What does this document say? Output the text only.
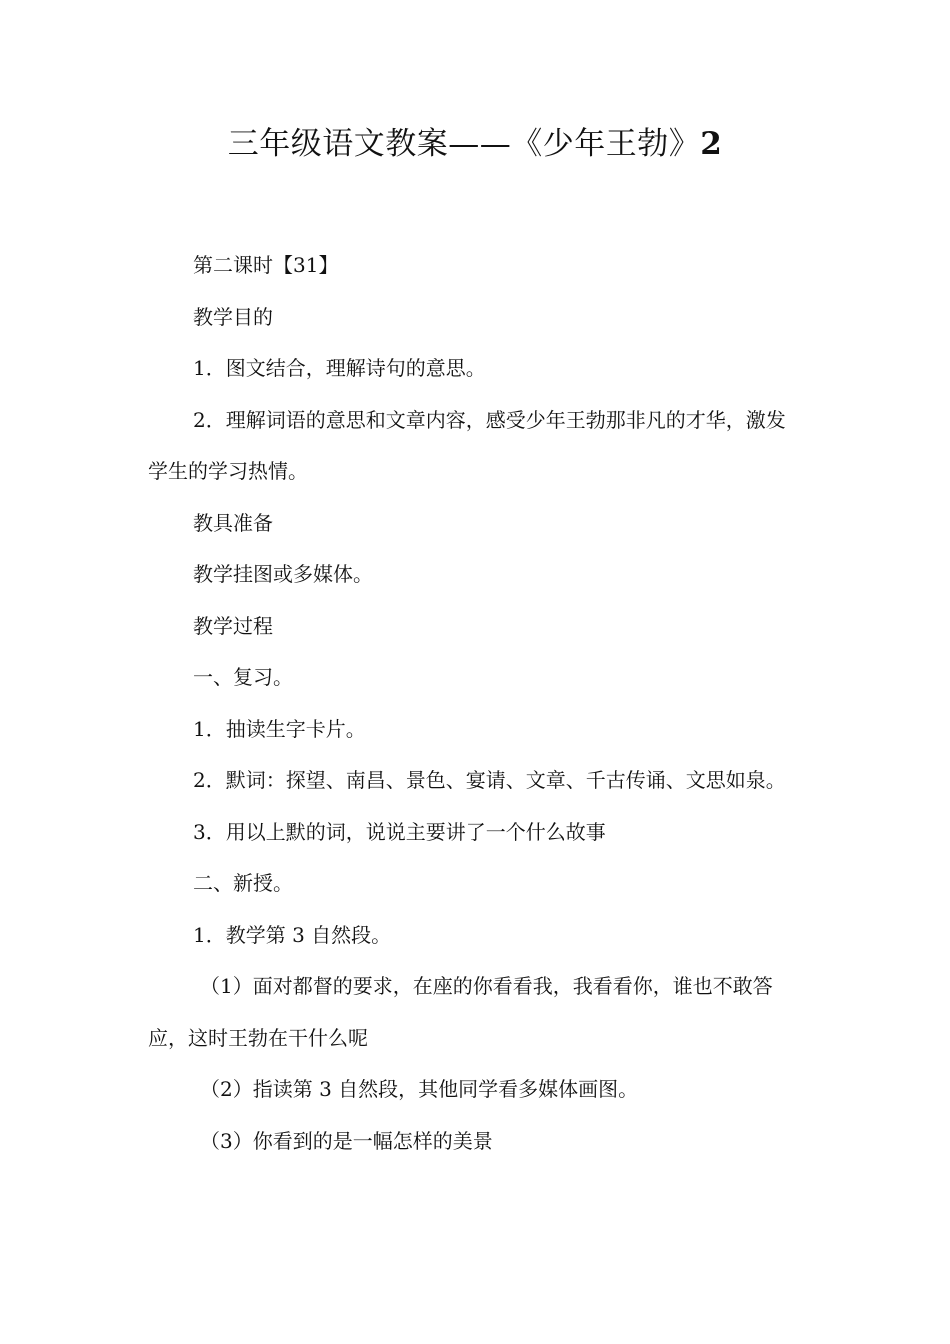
三年级语文教案——《少年王勃》2

第二课时【31】

教学目的

1．图文结合，理解诗句的意思。

2．理解词语的意思和文章内容，感受少年王勃那非凡的才华，激发学生的学习热情。

教具准备

教学挂图或多媒体。

教学过程

一、复习。

1．抽读生字卡片。

2．默词：探望、南昌、景色、宴请、文章、千古传诵、文思如泉。

3．用以上默的词，说说主要讲了一个什么故事

二、新授。

1．教学第 3 自然段。

（1）面对都督的要求，在座的你看看我，我看看你，谁也不敢答应，这时王勃在干什么呢

（2）指读第 3 自然段，其他同学看多媒体画图。

（3）你看到的是一幅怎样的美景
